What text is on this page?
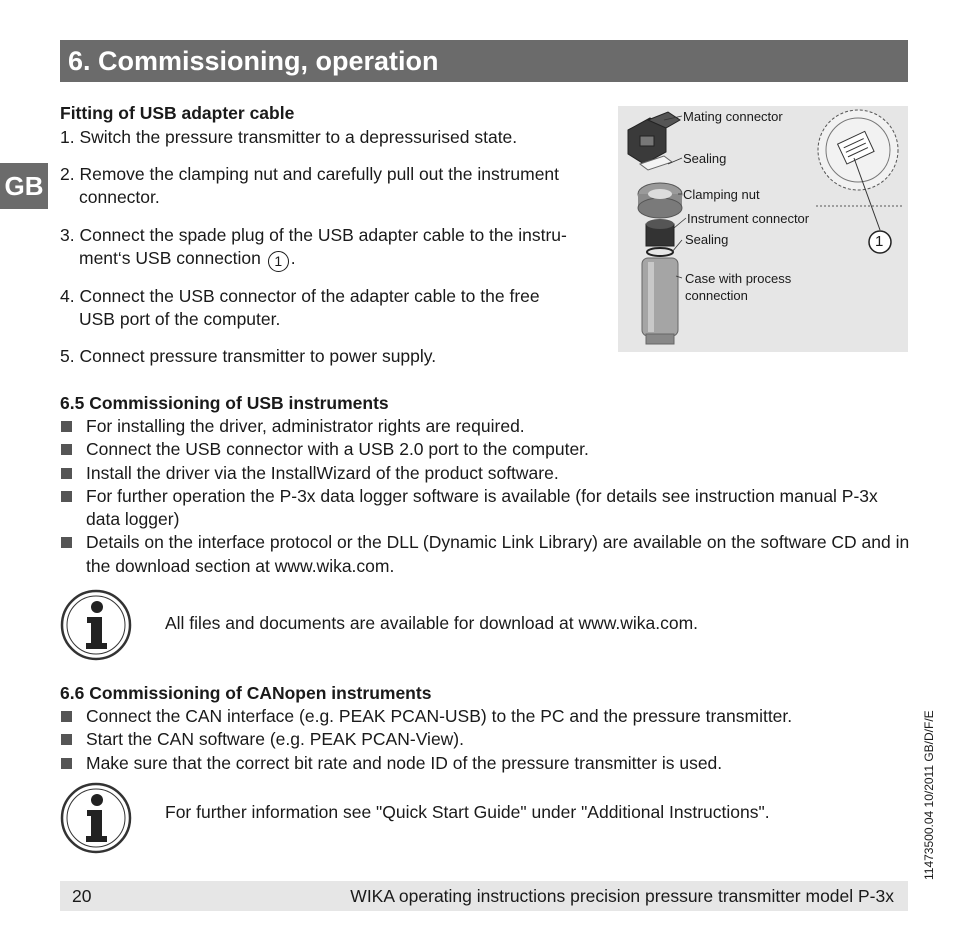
6. Commissioning, operation
GB
Fitting of USB adapter cable
1. Switch the pressure transmitter to a depressurised state.
2. Remove the clamping nut and carefully pull out the instrument
connector.
3. Connect the spade plug of the USB adapter cable to the instru-
ment‘s USB connection 1 .
4. Connect the USB connector of the adapter cable to the free
USB port of the computer.
5. Connect pressure transmitter to power supply.
Mating connector
Sealing
Clamping nut
Instrument connector
Sealing
Case with process
connection
1
6.5 Commissioning of USB instruments
For installing the driver, administrator rights are required.
Connect the USB connector with a USB 2.0 port to the computer.
Install the driver via the InstallWizard of the product software.
For further operation the P-3x data logger software is available (for details see instruction manual P-3x data logger)
Details on the interface protocol or the DLL (Dynamic Link Library) are available on the software CD and in the download section at www.wika.com.
All files and documents are available for download at www.wika.com.
6.6 Commissioning of CANopen instruments
Connect the CAN interface (e.g. PEAK PCAN-USB) to the PC and the pressure transmitter.
Start the CAN software (e.g. PEAK PCAN-View).
Make sure that the correct bit rate and node ID of the pressure transmitter is used.
For further information see "Quick Start Guide" under "Additional Instructions".
20	WIKA operating instructions precision pressure transmitter model P-3x
11473500.04 10/2011 GB/D/F/E
